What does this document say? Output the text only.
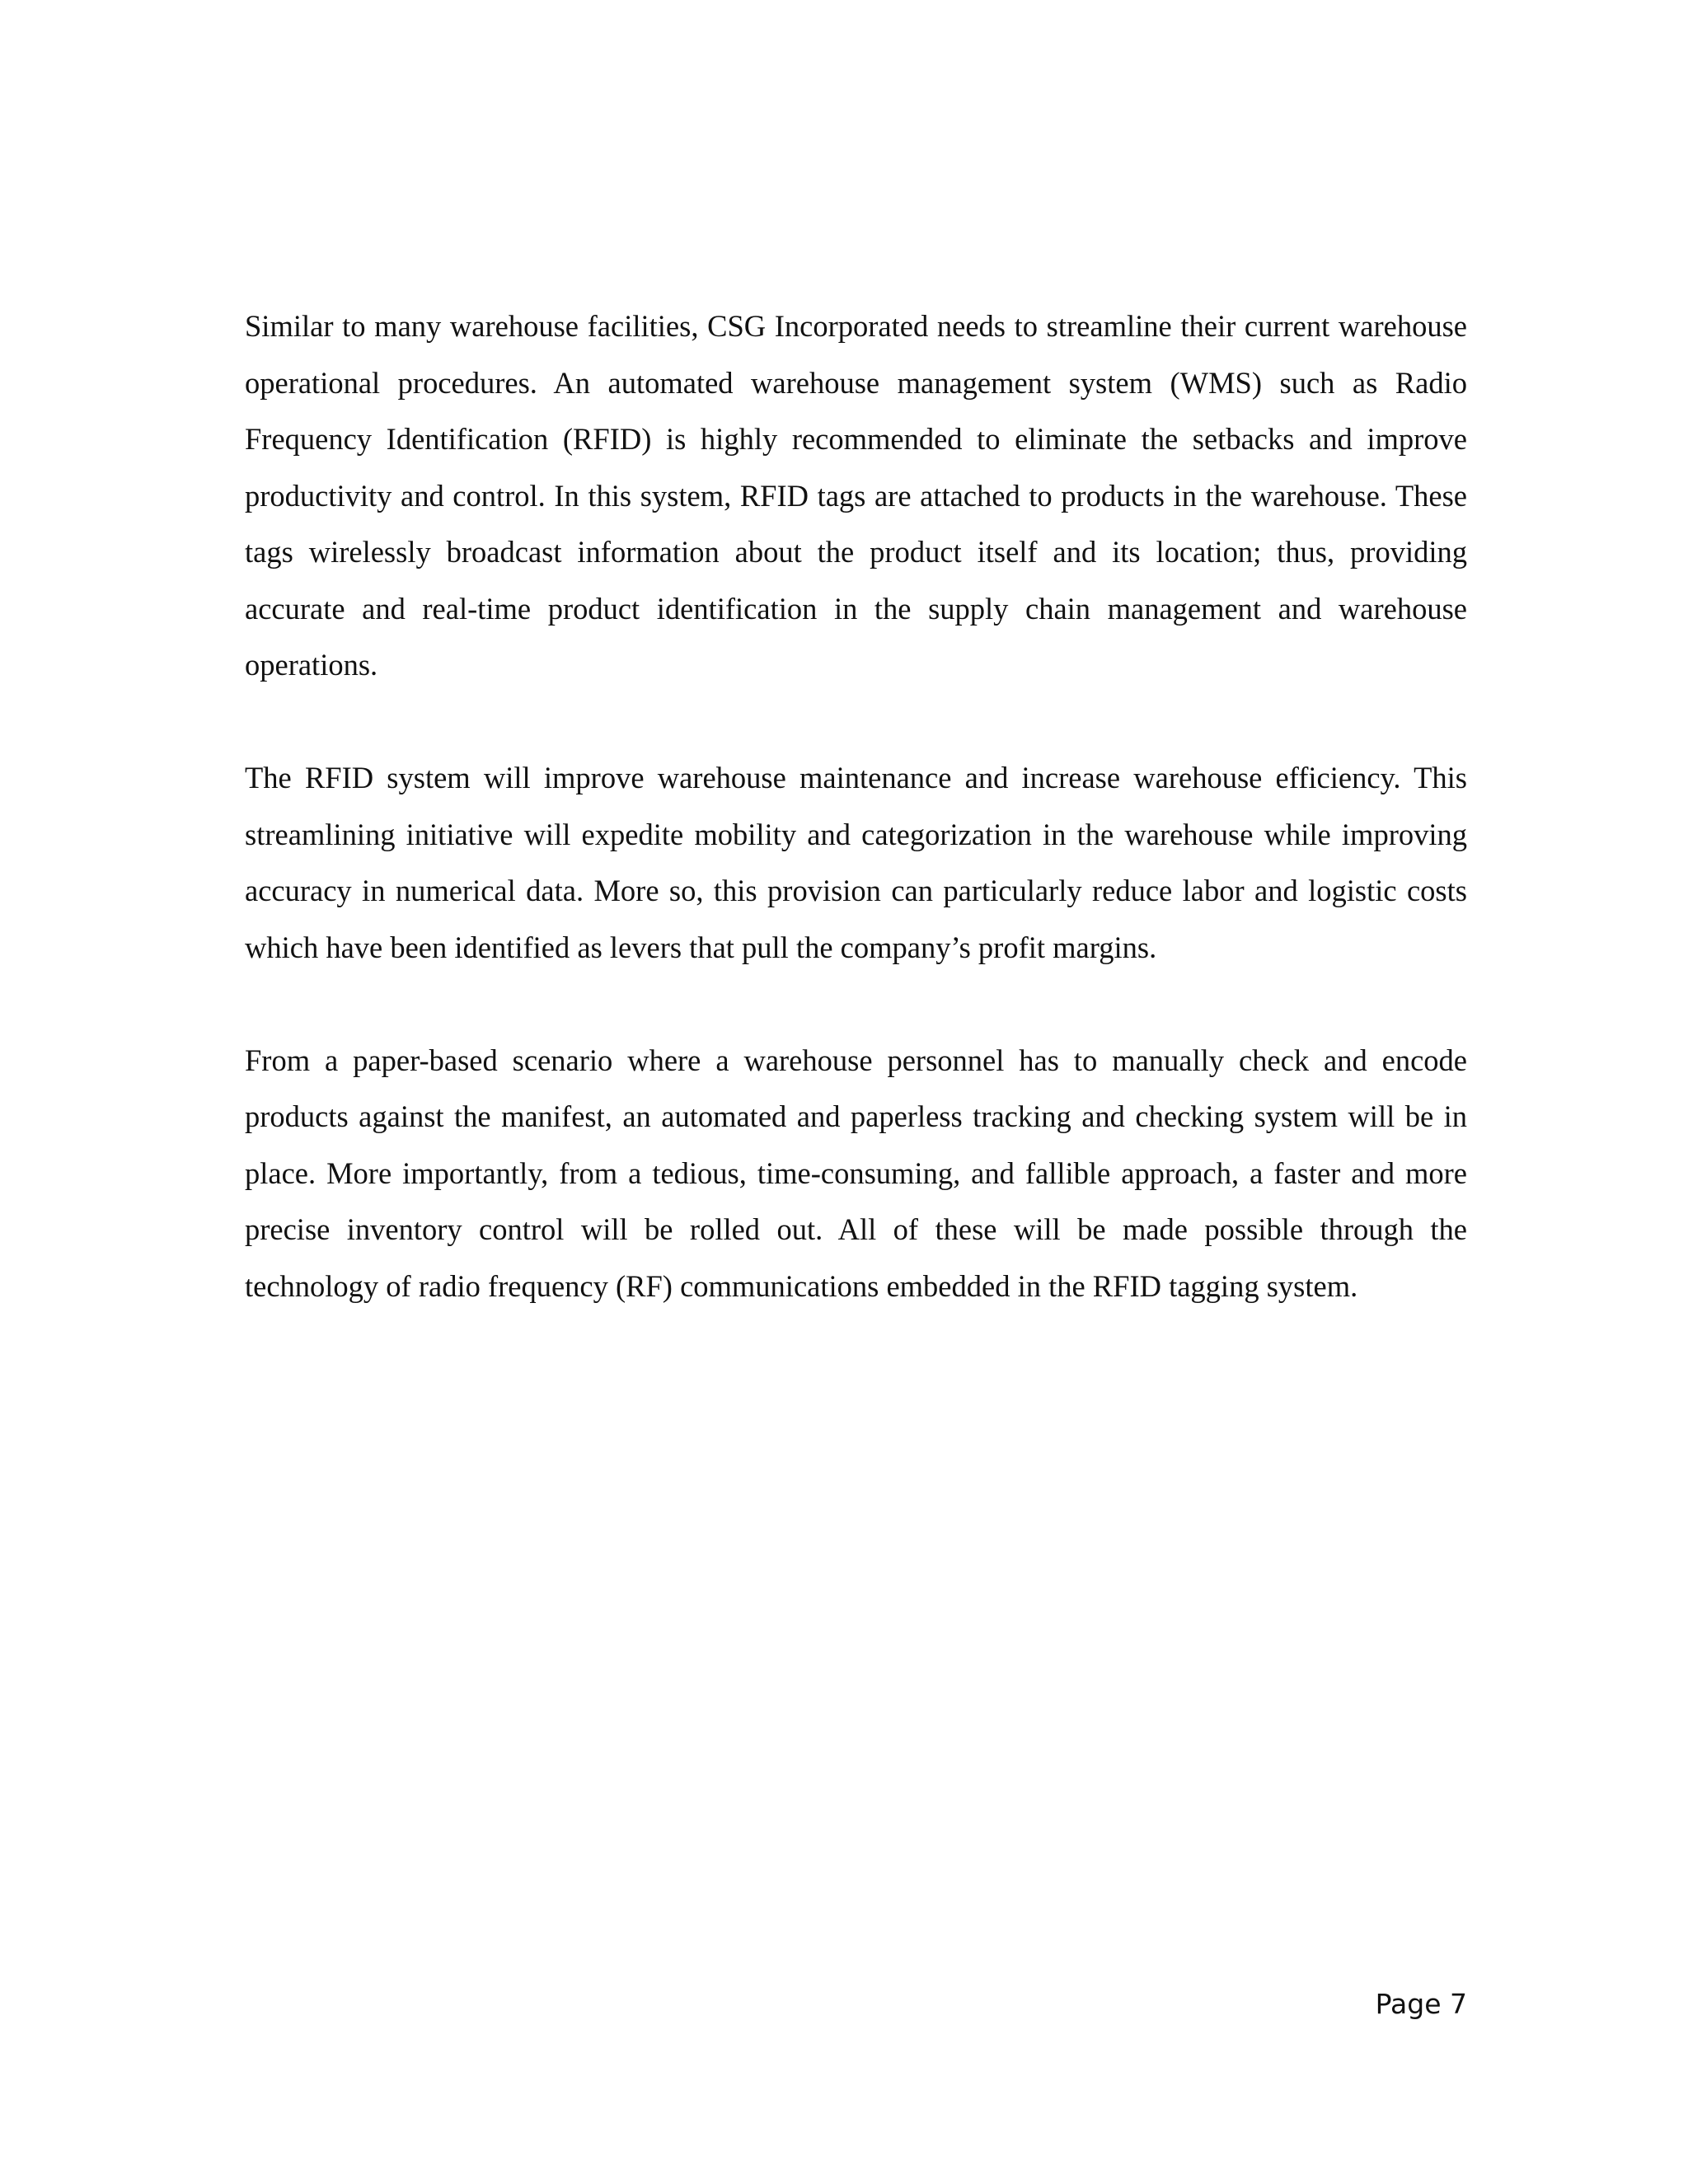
Similar to many warehouse facilities, CSG Incorporated needs to streamline their current warehouse operational procedures. An automated warehouse management system (WMS) such as Radio Frequency Identification (RFID) is highly recommended to eliminate the setbacks and improve productivity and control. In this system, RFID tags are attached to products in the warehouse. These tags wirelessly broadcast information about the product itself and its location; thus, providing accurate and real-time product identification in the supply chain management and warehouse operations.

The RFID system will improve warehouse maintenance and increase warehouse efficiency. This streamlining initiative will expedite mobility and categorization in the warehouse while improving accuracy in numerical data. More so, this provision can particularly reduce labor and logistic costs which have been identified as levers that pull the company’s profit margins.

From a paper-based scenario where a warehouse personnel has to manually check and encode products against the manifest, an automated and paperless tracking and checking system will be in place. More importantly, from a tedious, time-consuming, and fallible approach, a faster and more precise inventory control will be rolled out. All of these will be made possible through the technology of radio frequency (RF) communications embedded in the RFID tagging system.

Page 7
